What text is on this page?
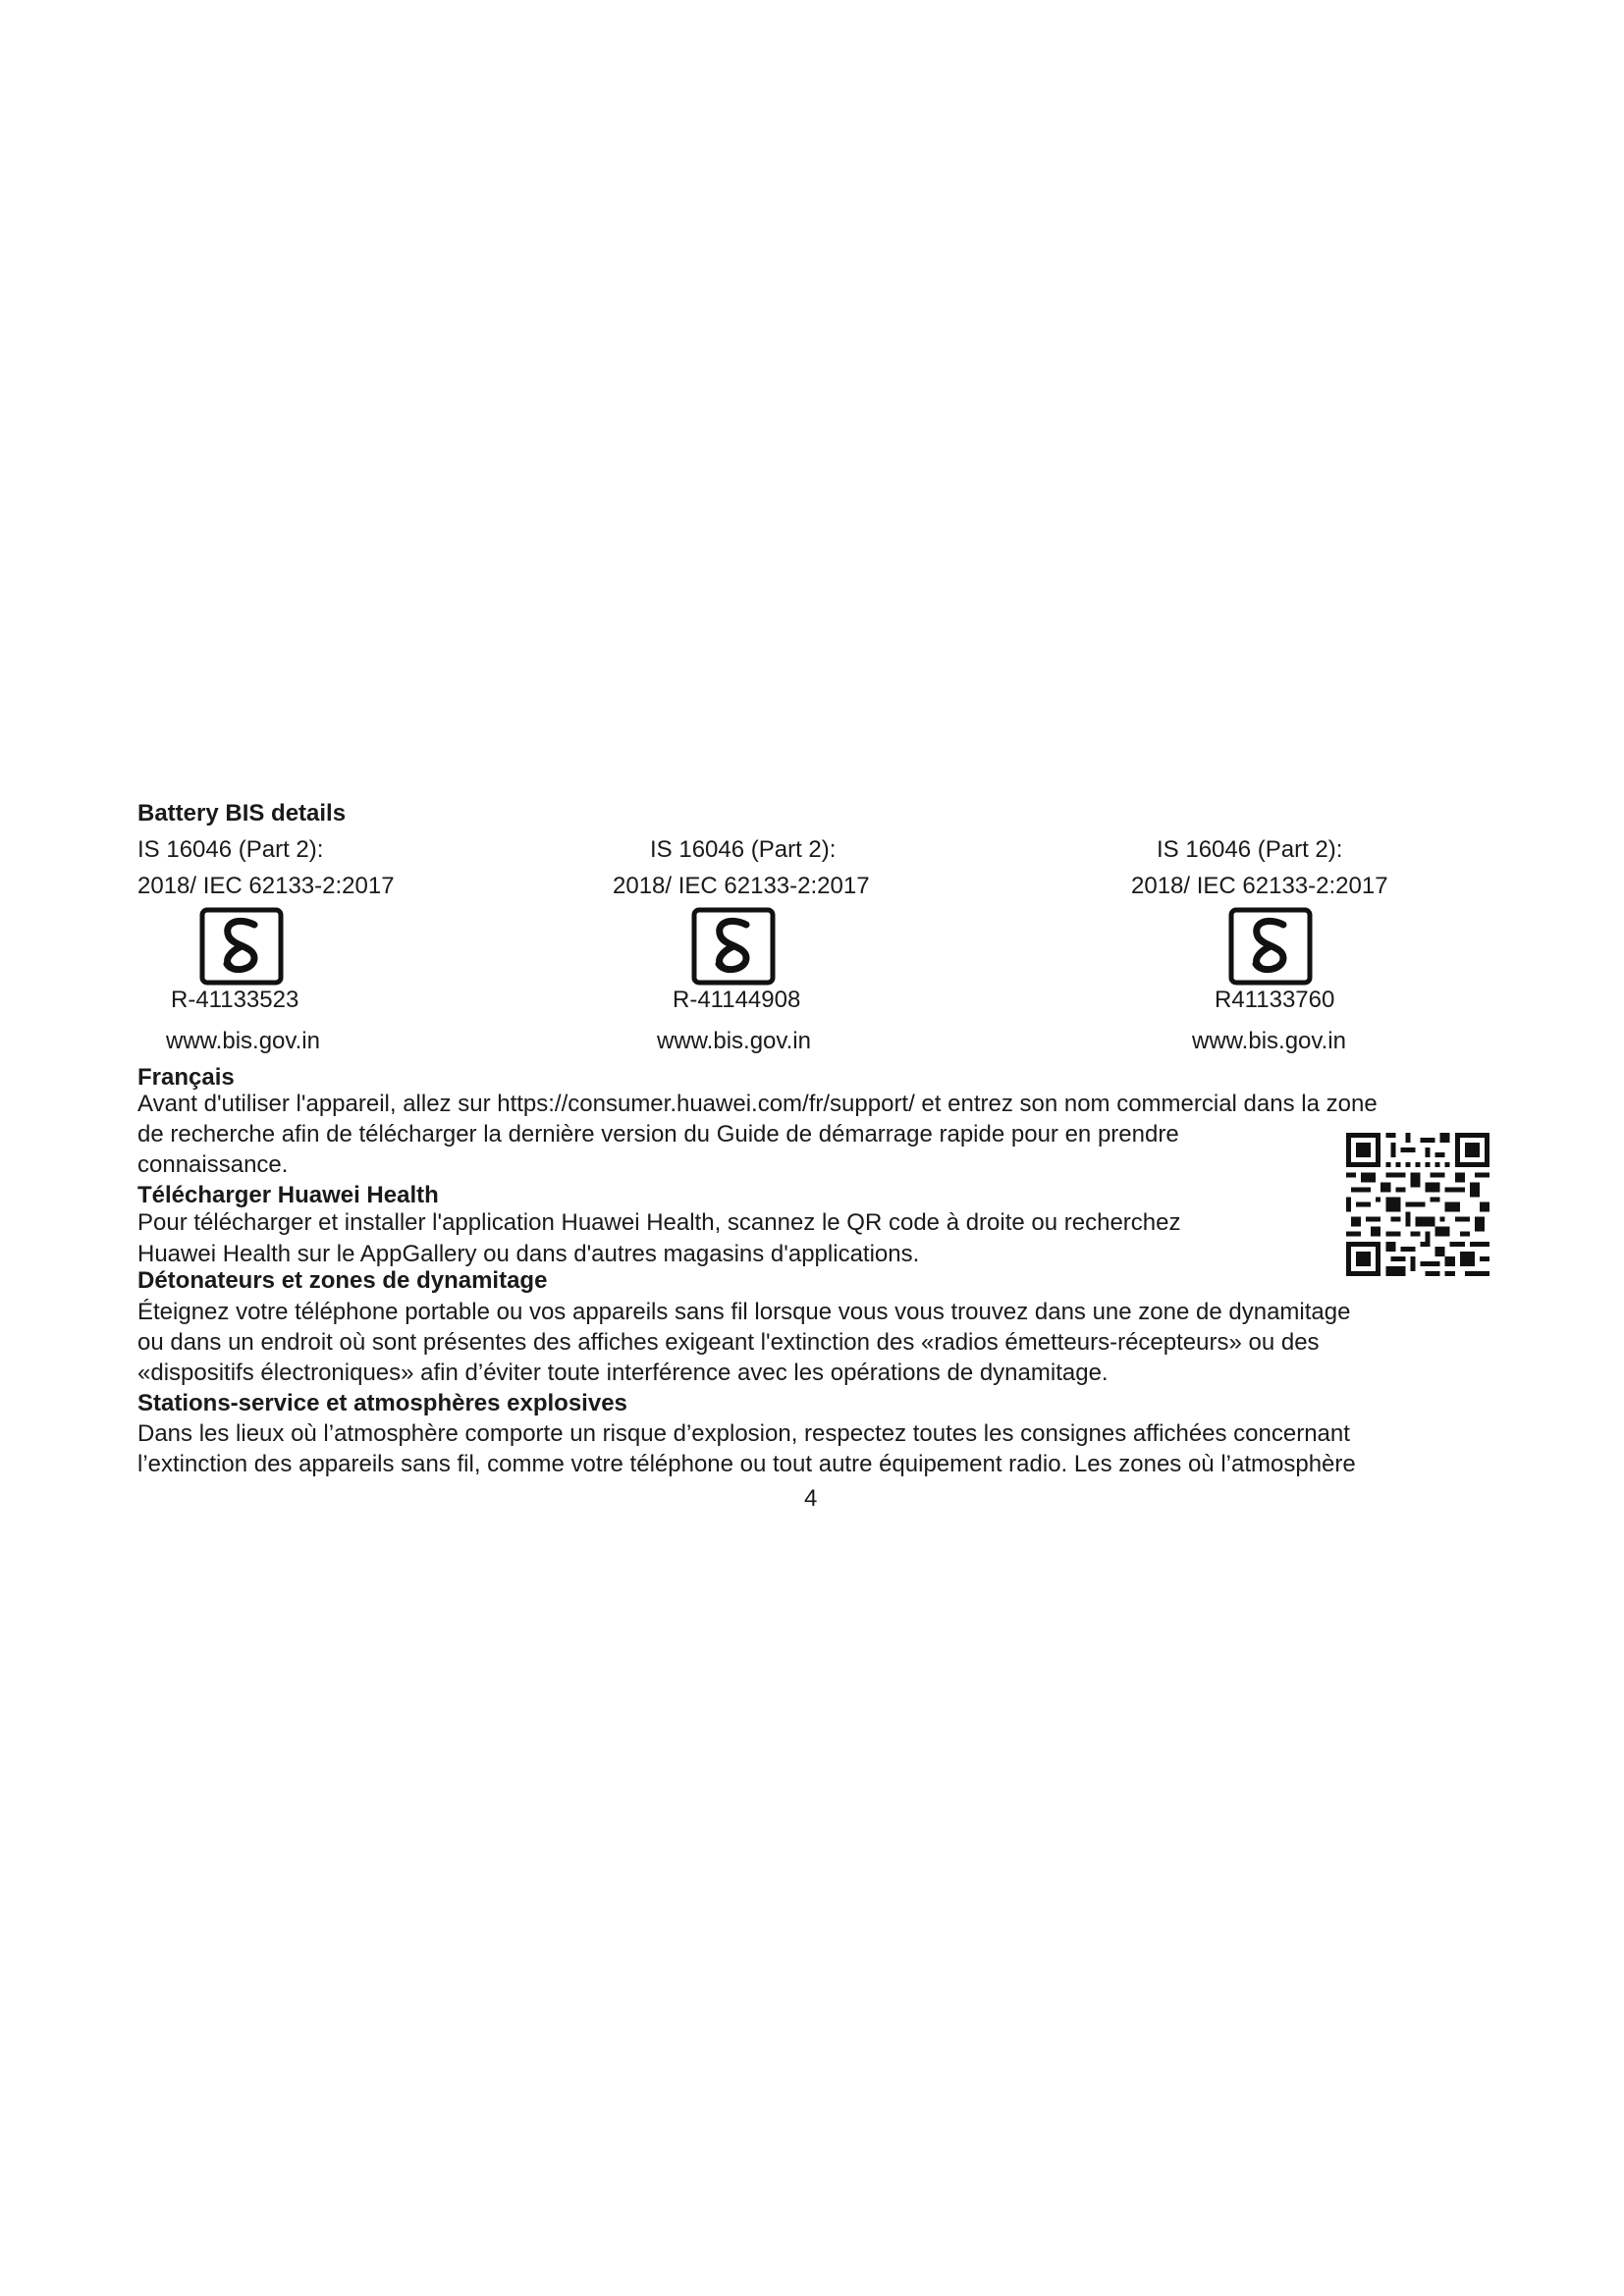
Battery BIS details
IS 16046 (Part 2):
2018/ IEC 62133-2:2017
R-41133523
www.bis.gov.in
IS 16046 (Part 2):
2018/ IEC 62133-2:2017
R-41144908
www.bis.gov.in
IS 16046 (Part 2):
2018/ IEC 62133-2:2017
R41133760
www.bis.gov.in
Français
Avant d'utiliser l'appareil, allez sur https://consumer.huawei.com/fr/support/ et entrez son nom commercial dans la zone
de recherche afin de télécharger la dernière version du Guide de démarrage rapide pour en prendre
connaissance.
Télécharger Huawei Health
Pour télécharger et installer l'application Huawei Health, scannez le QR code à droite ou recherchez
Huawei Health sur le AppGallery ou dans d'autres magasins d'applications.
Détonateurs et zones de dynamitage
Éteignez votre téléphone portable ou vos appareils sans fil lorsque vous vous trouvez dans une zone de dynamitage
ou dans un endroit où sont présentes des affiches exigeant l'extinction des «radios émetteurs-récepteurs» ou des
«dispositifs électroniques» afin d’éviter toute interférence avec les opérations de dynamitage.
Stations-service et atmosphères explosives
Dans les lieux où l’atmosphère comporte un risque d’explosion, respectez toutes les consignes affichées concernant
l’extinction des appareils sans fil, comme votre téléphone ou tout autre équipement radio. Les zones où l’atmosphère
4
